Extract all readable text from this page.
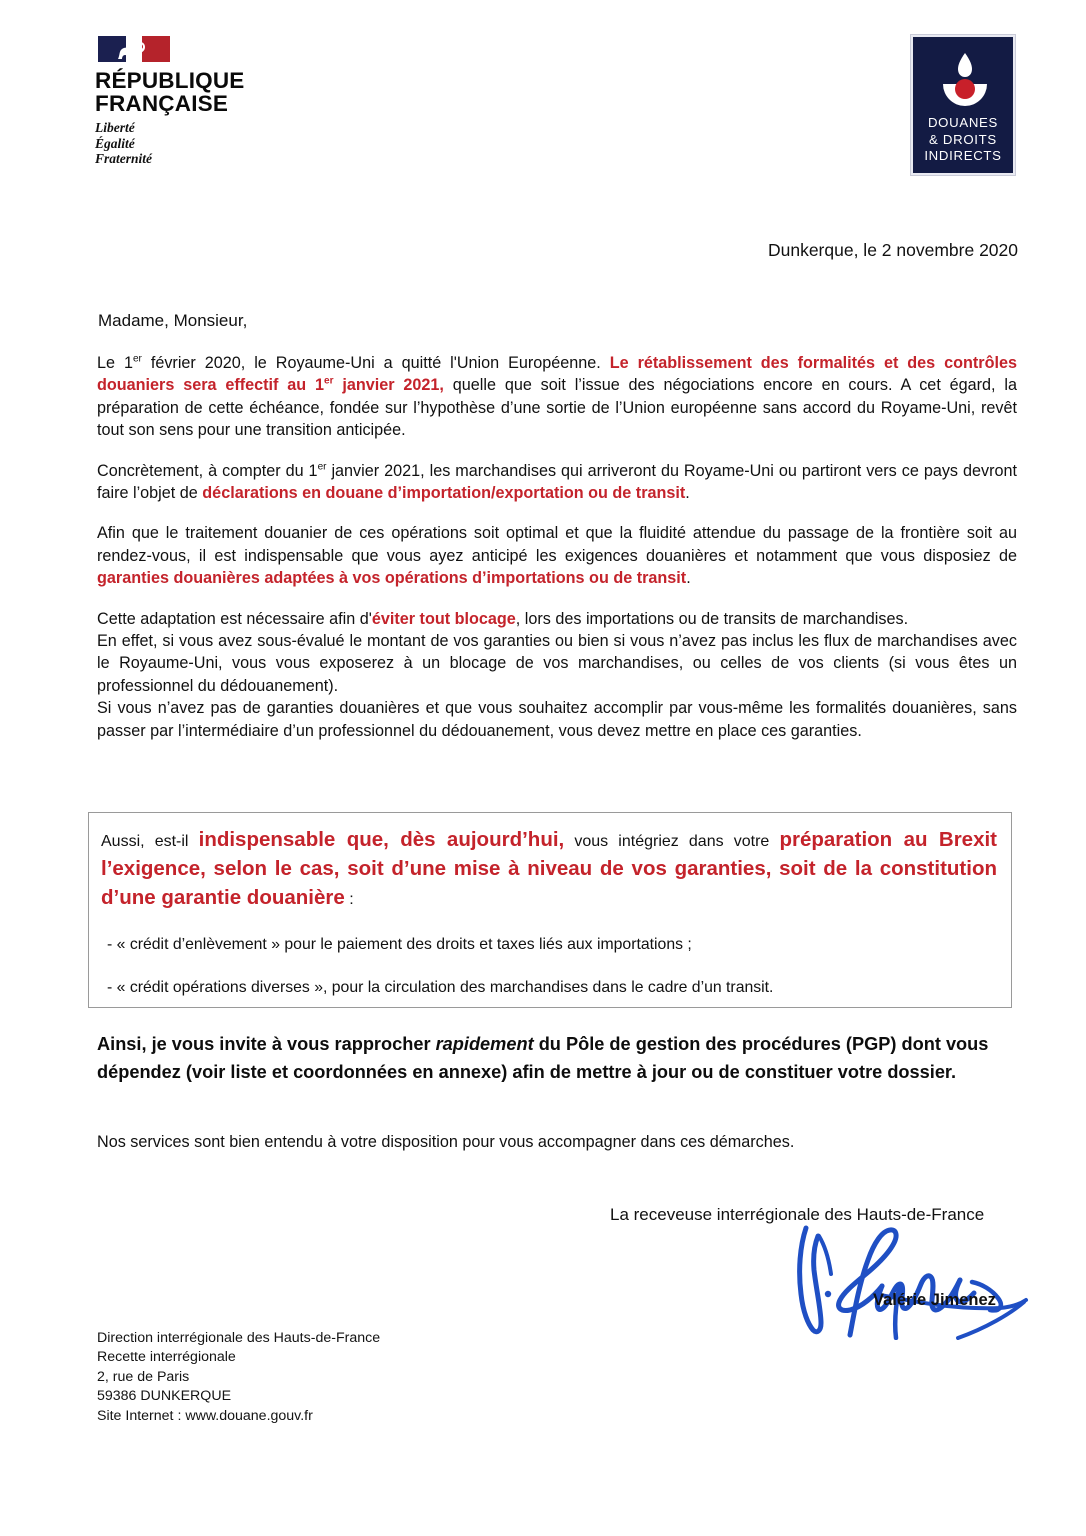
RÉPUBLIQUE
FRANÇAISE
Liberté
Égalité
Fraternité
DOUANES
& DROITS
INDIRECTS
Dunkerque, le 2 novembre 2020
Madame, Monsieur,

Le 1er février 2020, le Royaume-Uni a quitté l'Union Européenne. Le rétablissement des formalités et des contrôles douaniers sera effectif au 1er janvier 2021, quelle que soit l’issue des négociations encore en cours. A cet égard, la préparation de cette échéance, fondée sur l’hypothèse d’une sortie de l’Union européenne sans accord du Royame-Uni, revêt tout son sens pour une transition anticipée.

Concrètement, à compter du 1er janvier 2021, les marchandises qui arriveront du Royame-Uni ou partiront vers ce pays devront faire l’objet de déclarations en douane d’importation/exportation ou de transit.

Afin que le traitement douanier de ces opérations soit optimal et que la fluidité attendue du passage de la frontière soit au rendez-vous, il est indispensable que vous ayez anticipé les exigences douanières et notamment que vous disposiez de garanties douanières adaptées à vos opérations d’importations ou de transit.

Cette adaptation est nécessaire afin d'éviter tout blocage, lors des importations ou de transits de marchandises.

En effet, si vous avez sous-évalué le montant de vos garanties ou bien si vous n’avez pas inclus les flux de marchandises avec le Royaume-Uni, vous vous exposerez à un blocage de vos marchandises, ou celles de vos clients (si vous êtes un professionnel du dédouanement).

Si vous n’avez pas de garanties douanières et que vous souhaitez accomplir par vous-même les formalités douanières, sans passer par l’intermédiaire d’un professionnel du dédouanement, vous devez mettre en place ces garanties.

Aussi, est-il indispensable que, dès aujourd’hui, vous intégriez dans votre préparation au Brexit l’exigence, selon le cas, soit d’une mise à niveau de vos garanties, soit de la constitution d’une garantie douanière :

- « crédit d’enlèvement » pour le paiement des droits et taxes liés aux importations ;
- « crédit opérations diverses », pour la circulation des marchandises dans le cadre d’un transit.
Ainsi, je vous invite à vous rapprocher rapidement du Pôle de gestion des procédures (PGP) dont vous dépendez (voir liste et coordonnées en annexe) afin de mettre à jour ou de constituer votre dossier.
Nos services sont bien entendu à votre disposition pour vous accompagner dans ces démarches.
La receveuse interrégionale des Hauts-de-France
Valérie Jimenez
Direction interrégionale des Hauts-de-France
Recette interrégionale
2, rue de Paris
59386 DUNKERQUE
Site Internet : www.douane.gouv.fr
